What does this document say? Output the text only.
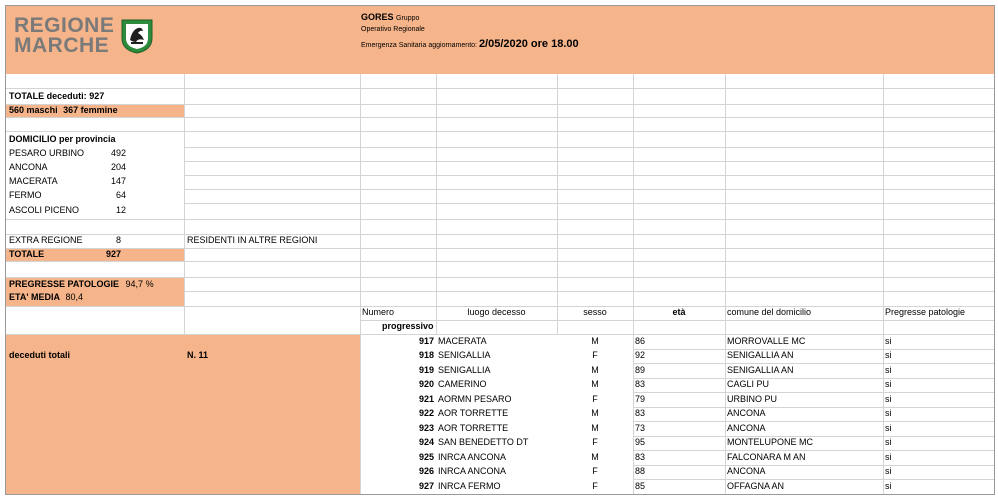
REGIONE
MARCHE
GORES Gruppo
Operativo Regionale
Emergenza Sanitaria aggiornamento: 2/05/2020 ore 18.00
TOTALE deceduti: 927
560 maschi 367 femmine
DOMICILIO per provincia
PESARO URBINO	492
ANCONA	204
MACERATA	147
FERMO	64
ASCOLI PICENO	12
EXTRA REGIONE	8	RESIDENTI IN ALTRE REGIONI
TOTALE	927
PREGRESSE PATOLOGIE 94,7 %
ETA' MEDIA 80,4
deceduti totali	N. 11
Numero
progressivo
luogo decesso	sesso	età	comune del domicilio	Pregresse patologie
917 MACERATA	M	86	MORROVALLE MC	si
918 SENIGALLIA	F	92	SENIGALLIA AN	si
919 SENIGALLIA	M	89	SENIGALLIA AN	si
920 CAMERINO	M	83	CAGLI PU	si
921 AORMN PESARO	F	79	URBINO PU	si
922 AOR TORRETTE	M	83	ANCONA	si
923 AOR TORRETTE	M	73	ANCONA	si
924 SAN BENEDETTO DT	F	95	MONTELUPONE MC	si
925 INRCA ANCONA	M	83	FALCONARA M AN	si
926 INRCA ANCONA	F	88	ANCONA	si
927 INRCA FERMO	F	85	OFFAGNA AN	si
